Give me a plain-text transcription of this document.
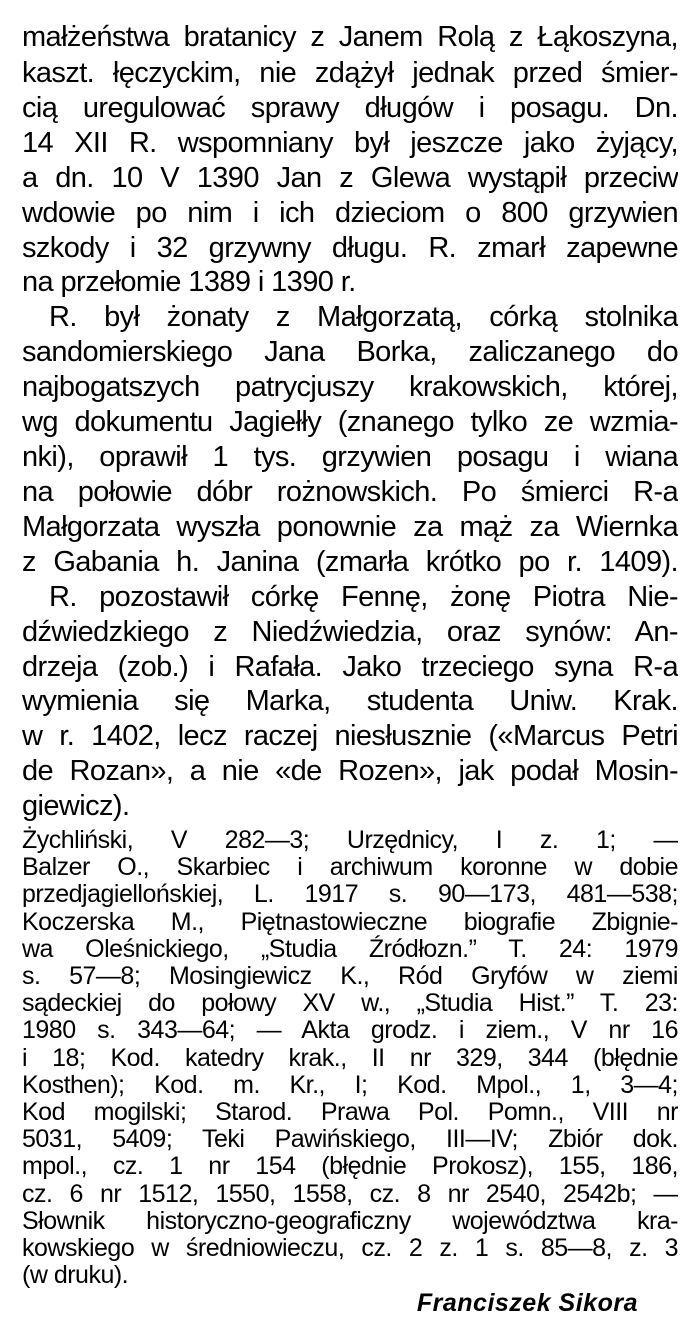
małżeństwa bratanicy z Janem Rolą z Łąkoszyna,

kaszt. łęczyckim, nie zdążył jednak przed śmier-

cią uregulować sprawy długów i posagu. Dn.

14 XII R. wspomniany był jeszcze jako żyjący,

a dn. 10 V 1390 Jan z Glewa wystąpił przeciw

wdowie po nim i ich dzieciom o 800 grzywien

szkody i 32 grzywny długu. R. zmarł zapewne

na przełomie 1389 i 1390 r.

R. był żonaty z Małgorzatą, córką stolnika

sandomierskiego Jana Borka, zaliczanego do

najbogatszych patrycjuszy krakowskich, której,

wg dokumentu Jagiełły (znanego tylko ze wzmia-

nki), oprawił 1 tys. grzywien posagu i wiana

na połowie dóbr rożnowskich. Po śmierci R-a

Małgorzata wyszła ponownie za mąż za Wiernka

z Gabania h. Janina (zmarła krótko po r. 1409).

R. pozostawił córkę Fennę, żonę Piotra Nie-

dźwiedzkiego z Niedźwiedzia, oraz synów: An-

drzeja (zob.) i Rafała. Jako trzeciego syna R-a

wymienia się Marka, studenta Uniw. Krak.

w r. 1402, lecz raczej niesłusznie («Marcus Petri

de Rozan», a nie «de Rozen», jak podał Mosin-

giewicz).

Żychliński, V 282—3; Urzędnicy, I z. 1; —

Balzer O., Skarbiec i archiwum koronne w dobie

przedjagiellońskiej, L. 1917 s. 90—173, 481—538;

Koczerska M., Piętnastowieczne biografie Zbignie-

wa Oleśnickiego, „Studia Źródłozn.” T. 24: 1979

s. 57—8; Mosingiewicz K., Ród Gryfów w ziemi

sądeckiej do połowy XV w., „Studia Hist.” T. 23:

1980 s. 343—64; — Akta grodz. i ziem., V nr 16

i 18; Kod. katedry krak., II nr 329, 344 (błędnie

Kosthen); Kod. m. Kr., I; Kod. Mpol., 1, 3—4;

Kod mogilski; Starod. Prawa Pol. Pomn., VIII nr

5031, 5409; Teki Pawińskiego, III—IV; Zbiór dok.

mpol., cz. 1 nr 154 (błędnie Prokosz), 155, 186,

cz. 6 nr 1512, 1550, 1558, cz. 8 nr 2540, 2542b; —

Słownik historyczno-geograficzny województwa kra-

kowskiego w średniowieczu, cz. 2 z. 1 s. 85—8, z. 3

Franciszek Sikora

(w druku).
